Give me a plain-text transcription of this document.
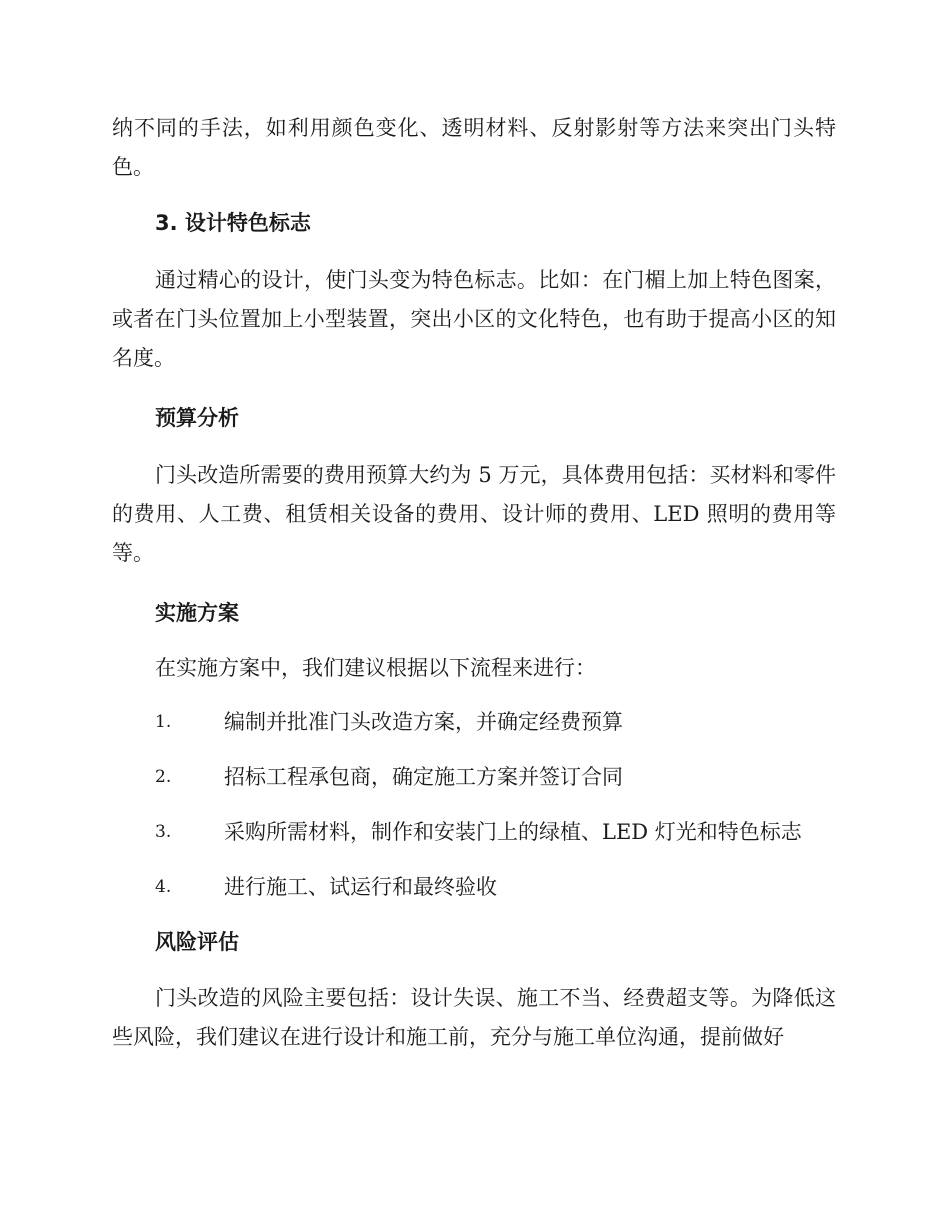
纳不同的手法，如利用颜色变化、透明材料、反射影射等方法来突出门头特色。

3. 设计特色标志

通过精心的设计，使门头变为特色标志。比如：在门楣上加上特色图案，或者在门头位置加上小型装置，突出小区的文化特色，也有助于提高小区的知名度。

预算分析

门头改造所需要的费用预算大约为 5 万元，具体费用包括：买材料和零件的费用、人工费、租赁相关设备的费用、设计师的费用、LED 照明的费用等等。

实施方案

在实施方案中，我们建议根据以下流程来进行：

1.	编制并批准门头改造方案，并确定经费预算
2.	招标工程承包商，确定施工方案并签订合同
3.	采购所需材料，制作和安装门上的绿植、LED 灯光和特色标志
4.	进行施工、试运行和最终验收
风险评估

门头改造的风险主要包括：设计失误、施工不当、经费超支等。为降低这些风险，我们建议在进行设计和施工前，充分与施工单位沟通，提前做好
